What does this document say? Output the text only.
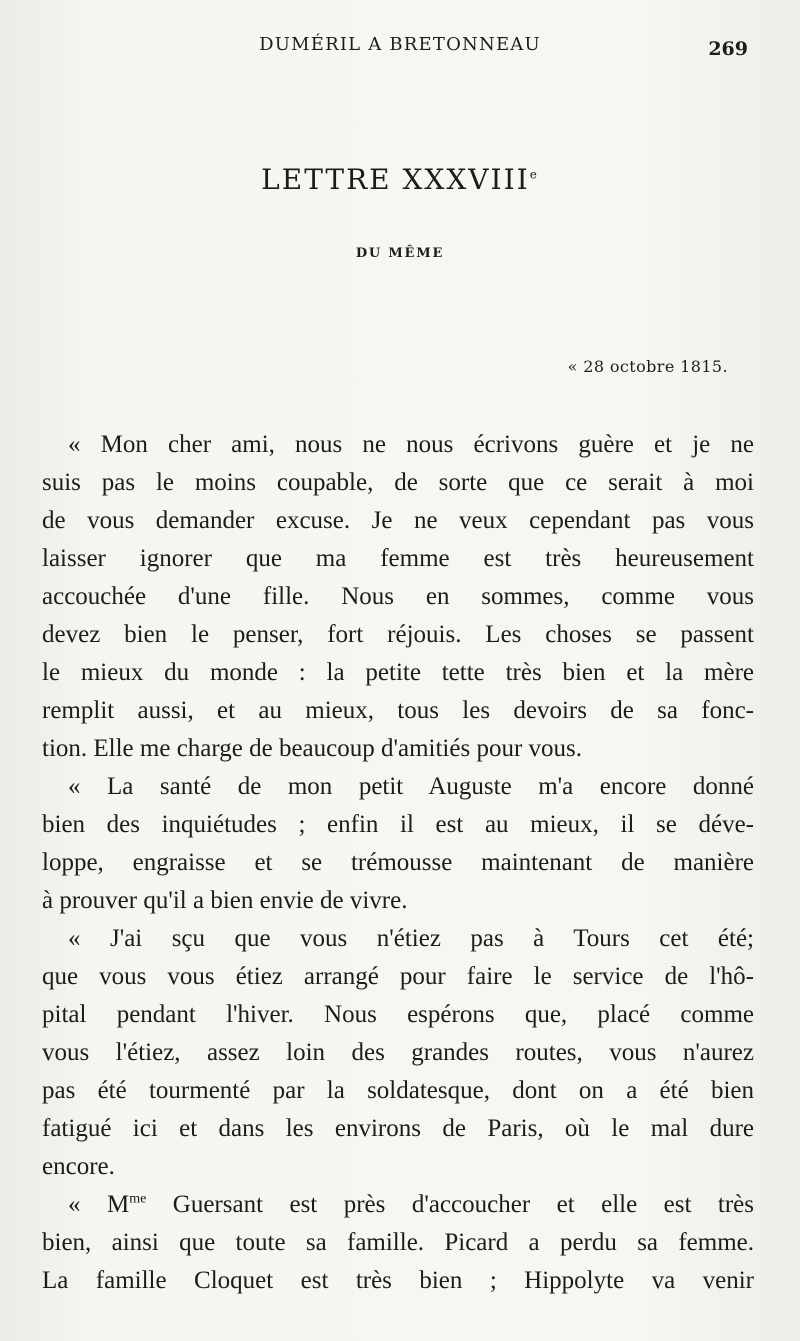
DUMÉRIL A BRETONNEAU	269
LETTRE XXXVIIIe
DU MÊME
« 28 octobre 1815.
« Mon cher ami, nous ne nous écrivons guère et je ne
suis pas le moins coupable, de sorte que ce serait à moi
de vous demander excuse. Je ne veux cependant pas vous
laisser ignorer que ma femme est très heureusement
accouchée d'une fille. Nous en sommes, comme vous
devez bien le penser, fort réjouis. Les choses se passent
le mieux du monde : la petite tette très bien et la mère
remplit aussi, et au mieux, tous les devoirs de sa fonc-
tion. Elle me charge de beaucoup d'amitiés pour vous.
« La santé de mon petit Auguste m'a encore donné
bien des inquiétudes ; enfin il est au mieux, il se déve-
loppe, engraisse et se trémousse maintenant de manière
à prouver qu'il a bien envie de vivre.
« J'ai sçu que vous n'étiez pas à Tours cet été;
que vous vous étiez arrangé pour faire le service de l'hô-
pital pendant l'hiver. Nous espérons que, placé comme
vous l'étiez, assez loin des grandes routes, vous n'aurez
pas été tourmenté par la soldatesque, dont on a été bien
fatigué ici et dans les environs de Paris, où le mal dure
encore.
« $M^{me}$ Guersant est près d'accoucher et elle est très
bien, ainsi que toute sa famille. Picard a perdu sa femme.
La famille Cloquet est très bien ; Hippolyte va venir
